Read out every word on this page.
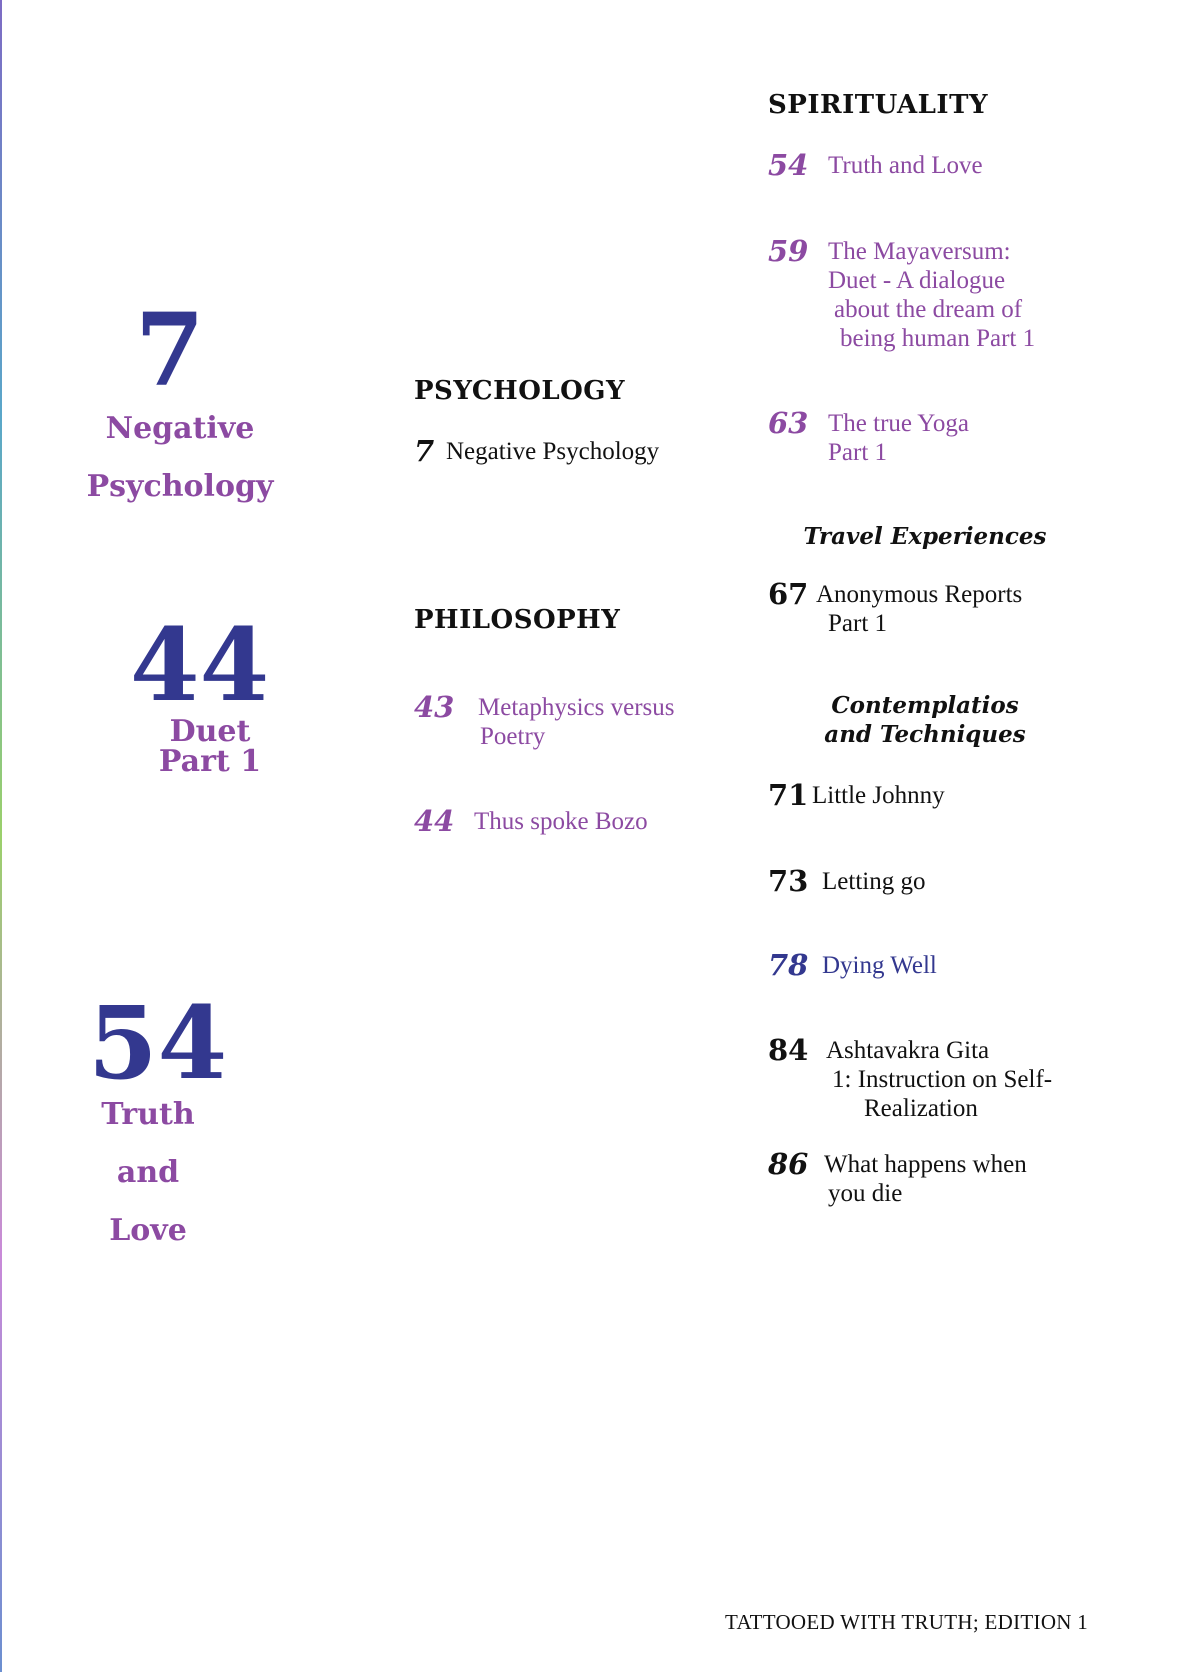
7
Negative
Psychology
44
Duet
Part 1
54
Truth
and
Love
PSYCHOLOGY
7 Negative Psychology
PHILOSOPHY
43 Metaphysics versus
Poetry
44 Thus spoke Bozo
SPIRITUALITY
54 Truth and Love
59 The Mayaversum:
Duet - A dialogue
about the dream of
being human Part 1
63 The true Yoga
Part 1
Travel Experiences
67 Anonymous Reports
Part 1
Contemplatios
and Techniques
71 Little Johnny
73 Letting go
78 Dying Well
84 Ashtavakra Gita
1: Instruction on Self-
Realization
86 What happens when
you die
TATTOOED WITH TRUTH; EDITION 1
